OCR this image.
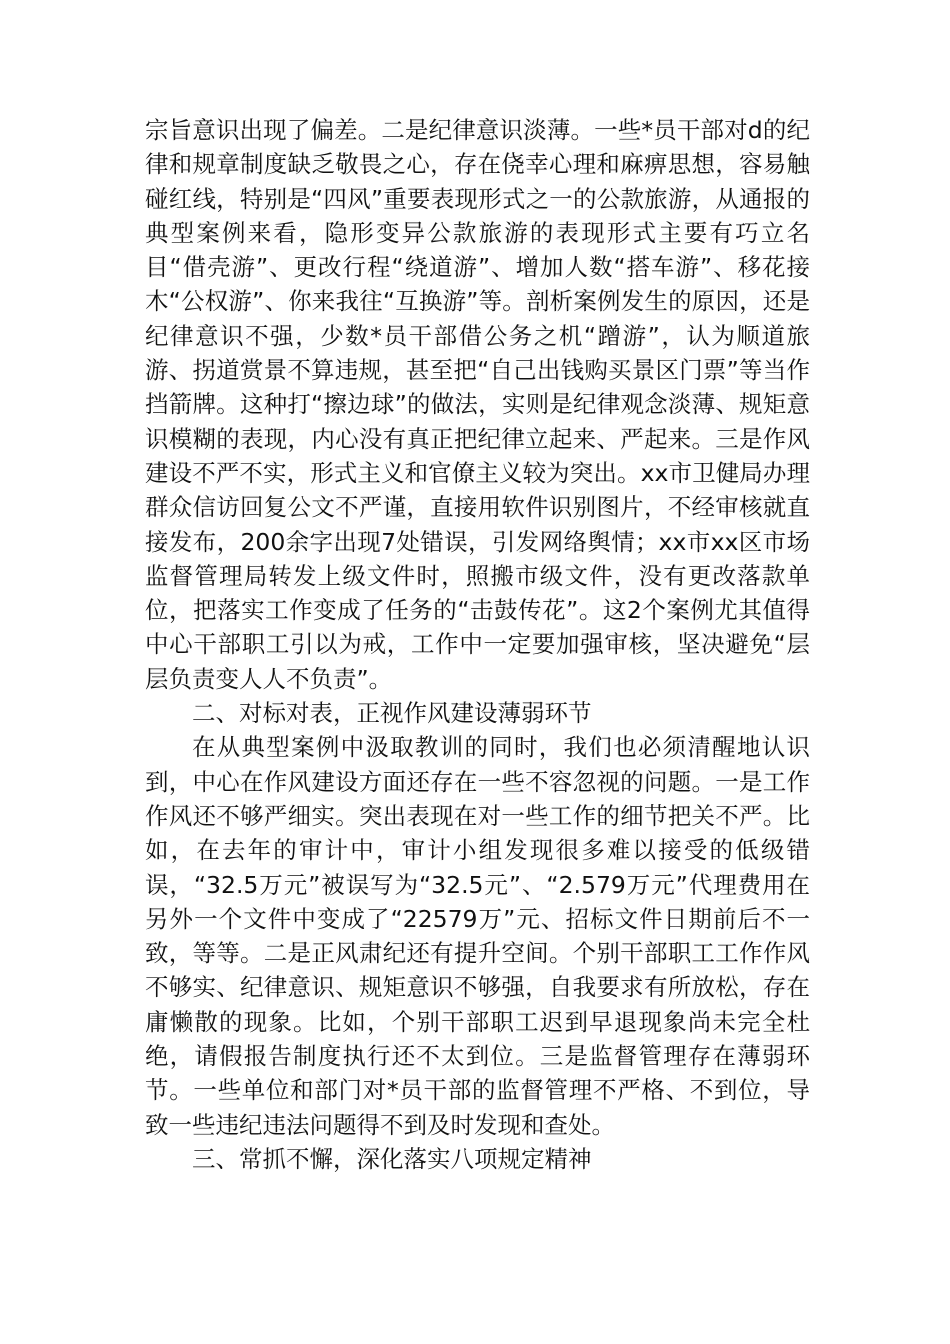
宗旨意识出现了偏差。二是纪律意识淡薄。一些*员干部对d的纪律和规章制度缺乏敬畏之心，存在侥幸心理和麻痹思想，容易触碰红线，特别是“四风”重要表现形式之一的公款旅游，从通报的典型案例来看，隐形变异公款旅游的表现形式主要有巧立名目“借壳游”、更改行程“绕道游”、增加人数“搭车游”、移花接木“公权游”、你来我往“互换游”等。剖析案例发生的原因，还是纪律意识不强，少数*员干部借公务之机“蹭游”，认为顺道旅游、拐道赏景不算违规，甚至把“自己出钱购买景区门票”等当作挡箭牌。这种打“擦边球”的做法，实则是纪律观念淡薄、规矩意识模糊的表现，内心没有真正把纪律立起来、严起来。三是作风建设不严不实，形式主义和官僚主义较为突出。xx市卫健局办理群众信访回复公文不严谨，直接用软件识别图片，不经审核就直接发布，200余字出现7处错误，引发网络舆情；xx市xx区市场监督管理局转发上级文件时，照搬市级文件，没有更改落款单位，把落实工作变成了任务的“击鼓传花”。这2个案例尤其值得中心干部职工引以为戒，工作中一定要加强审核，坚决避免“层层负责变人人不负责”。

二、对标对表，正视作风建设薄弱环节

在从典型案例中汲取教训的同时，我们也必须清醒地认识到，中心在作风建设方面还存在一些不容忽视的问题。一是工作作风还不够严细实。突出表现在对一些工作的细节把关不严。比如，在去年的审计中，审计小组发现很多难以接受的低级错误，“32.5万元”被误写为“32.5元”、“2.579万元”代理费用在另外一个文件中变成了“22579万”元、招标文件日期前后不一致，等等。二是正风肃纪还有提升空间。个别干部职工工作作风不够实、纪律意识、规矩意识不够强，自我要求有所放松，存在庸懒散的现象。比如，个别干部职工迟到早退现象尚未完全杜绝，请假报告制度执行还不太到位。三是监督管理存在薄弱环节。一些单位和部门对*员干部的监督管理不严格、不到位，导致一些违纪违法问题得不到及时发现和查处。

三、常抓不懈，深化落实八项规定精神
